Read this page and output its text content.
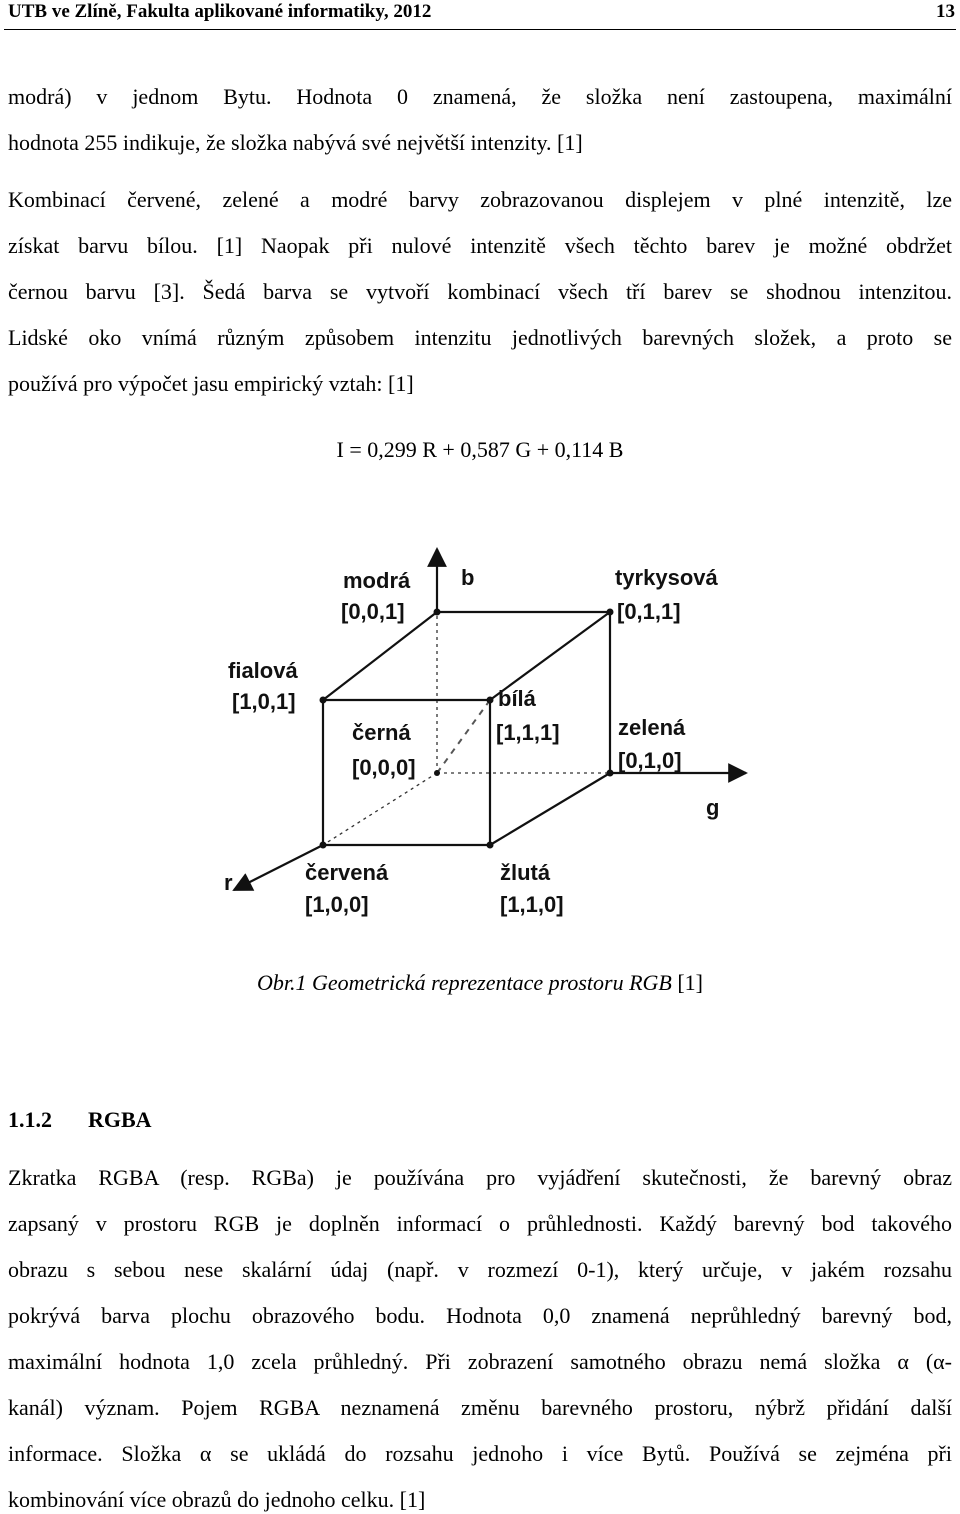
UTB ve Zlíně, Fakulta aplikované informatiky, 2012	13
modrá) v jednom Bytu. Hodnota 0 znamená, že složka není zastoupena, maximální
hodnota 255 indikuje, že složka nabývá své největší intenzity. [1]
Kombinací červené, zelené a modré barvy zobrazovanou displejem v plné intenzitě, lze
získat barvu bílou. [1] Naopak při nulové intenzitě všech těchto barev je možné obdržet
černou barvu [3]. Šedá barva se vytvoří kombinací všech tří barev se shodnou intenzitou.
Lidské oko vnímá různým způsobem intenzitu jednotlivých barevných složek, a proto se
používá pro výpočet jasu empirický vztah: [1]
I = 0,299 R + 0,587 G + 0,114 B
b
g
r
modrá
[0,0,1]
tyrkysová
[0,1,1]
fialová
[1,0,1]	bílá
[1,1,1]
černá
[0,0,0]
zelená
[0,1,0]
červená
[1,0,0]
žlutá
[1,1,0]
Obr.1 Geometrická reprezentace prostoru RGB [1]
1.1.2 RGBA
Zkratka RGBA (resp. RGBa) je používána pro vyjádření skutečnosti, že barevný obraz
zapsaný v prostoru RGB je doplněn informací o průhlednosti. Každý barevný bod takového
obrazu s sebou nese skalární údaj (např. v rozmezí 0-1), který určuje, v jakém rozsahu
pokrývá barva plochu obrazového bodu. Hodnota 0,0 znamená neprůhledný barevný bod,
maximální hodnota 1,0 zcela průhledný. Při zobrazení samotného obrazu nemá složka α (α-
kanál) význam. Pojem RGBA neznamená změnu barevného prostoru, nýbrž přidání další
informace. Složka α se ukládá do rozsahu jednoho i více Bytů. Používá se zejména při
kombinování více obrazů do jednoho celku. [1]
